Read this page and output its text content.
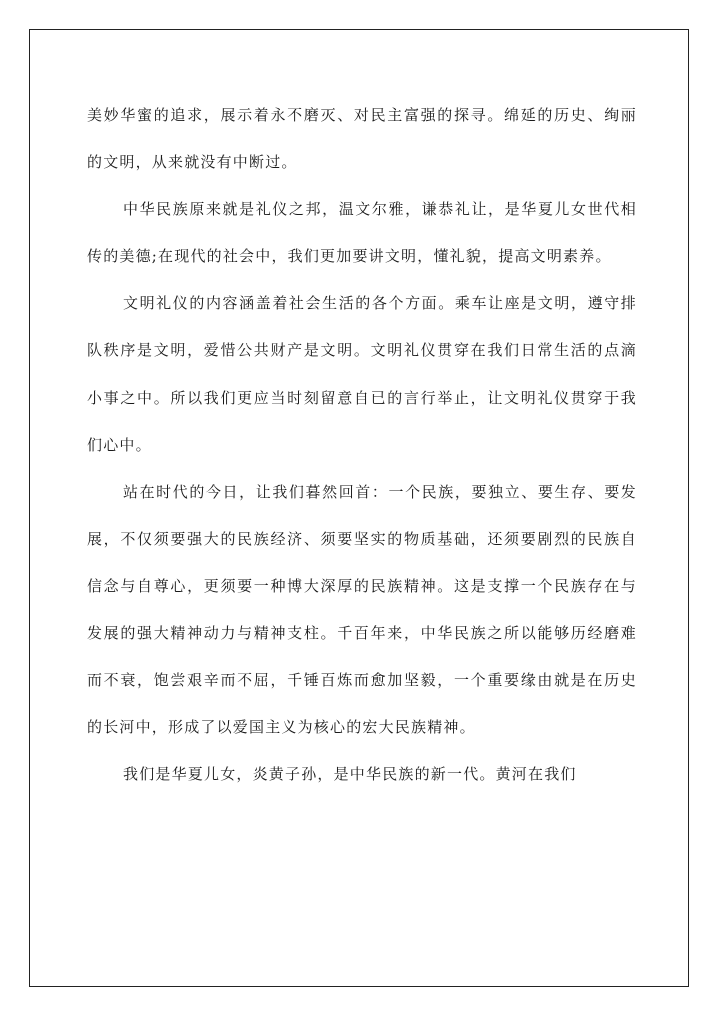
美妙华蜜的追求，展示着永不磨灭、对民主富强的探寻。绵延的历史、绚丽的文明，从来就没有中断过。

中华民族原来就是礼仪之邦，温文尔雅，谦恭礼让，是华夏儿女世代相传的美德;在现代的社会中，我们更加要讲文明，懂礼貌，提高文明素养。

文明礼仪的内容涵盖着社会生活的各个方面。乘车让座是文明，遵守排队秩序是文明，爱惜公共财产是文明。文明礼仪贯穿在我们日常生活的点滴小事之中。所以我们更应当时刻留意自已的言行举止，让文明礼仪贯穿于我们心中。

站在时代的今日，让我们暮然回首：一个民族，要独立、要生存、要发展，不仅须要强大的民族经济、须要坚实的物质基础，还须要剧烈的民族自信念与自尊心，更须要一种博大深厚的民族精神。这是支撑一个民族存在与发展的强大精神动力与精神支柱。千百年来，中华民族之所以能够历经磨难而不衰，饱尝艰辛而不屈，千锤百炼而愈加坚毅，一个重要缘由就是在历史的长河中，形成了以爱国主义为核心的宏大民族精神。

我们是华夏儿女，炎黄子孙，是中华民族的新一代。黄河在我们
